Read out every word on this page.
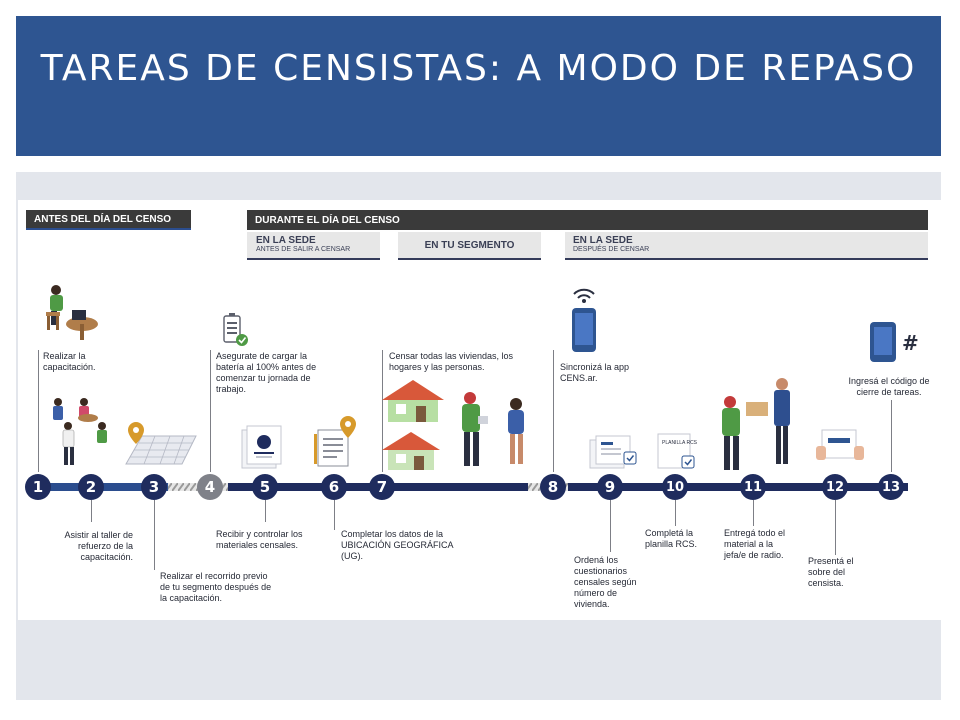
TAREAS DE CENSISTAS: A MODO DE REPASO
ANTES DEL DÍA DEL CENSO	DURANTE EL DÍA DEL CENSO
EN LA SEDE
ANTES DE SALIR A CENSAR	EN TU SEGMENTO	EN LA SEDE
DESPUÉS DE CENSAR
1	2	3	4	5	6	7	8	9	10	11	12	13
Realizar la capacitación.
Asistir al taller de refuerzo de la capacitación.
Realizar el recorrido previo de tu segmento después de la capacitación.
Asegurate de cargar la batería al 100% antes de comenzar tu jornada de trabajo.
Recibir y controlar los materiales censales.
Completar los datos de la UBICACIÓN GEOGRÁFICA (UG).
Censar todas las viviendas, los hogares y las personas.	Sincronizá la app CENS.ar.
Ordená los cuestionarios censales según número de vivienda.
Completá la planilla RCS.
Entregá todo el material a la jefa/e de radio.
Presentá el sobre del censista.
Ingresá el código de cierre de tareas.
PLANILLA RCS
#
